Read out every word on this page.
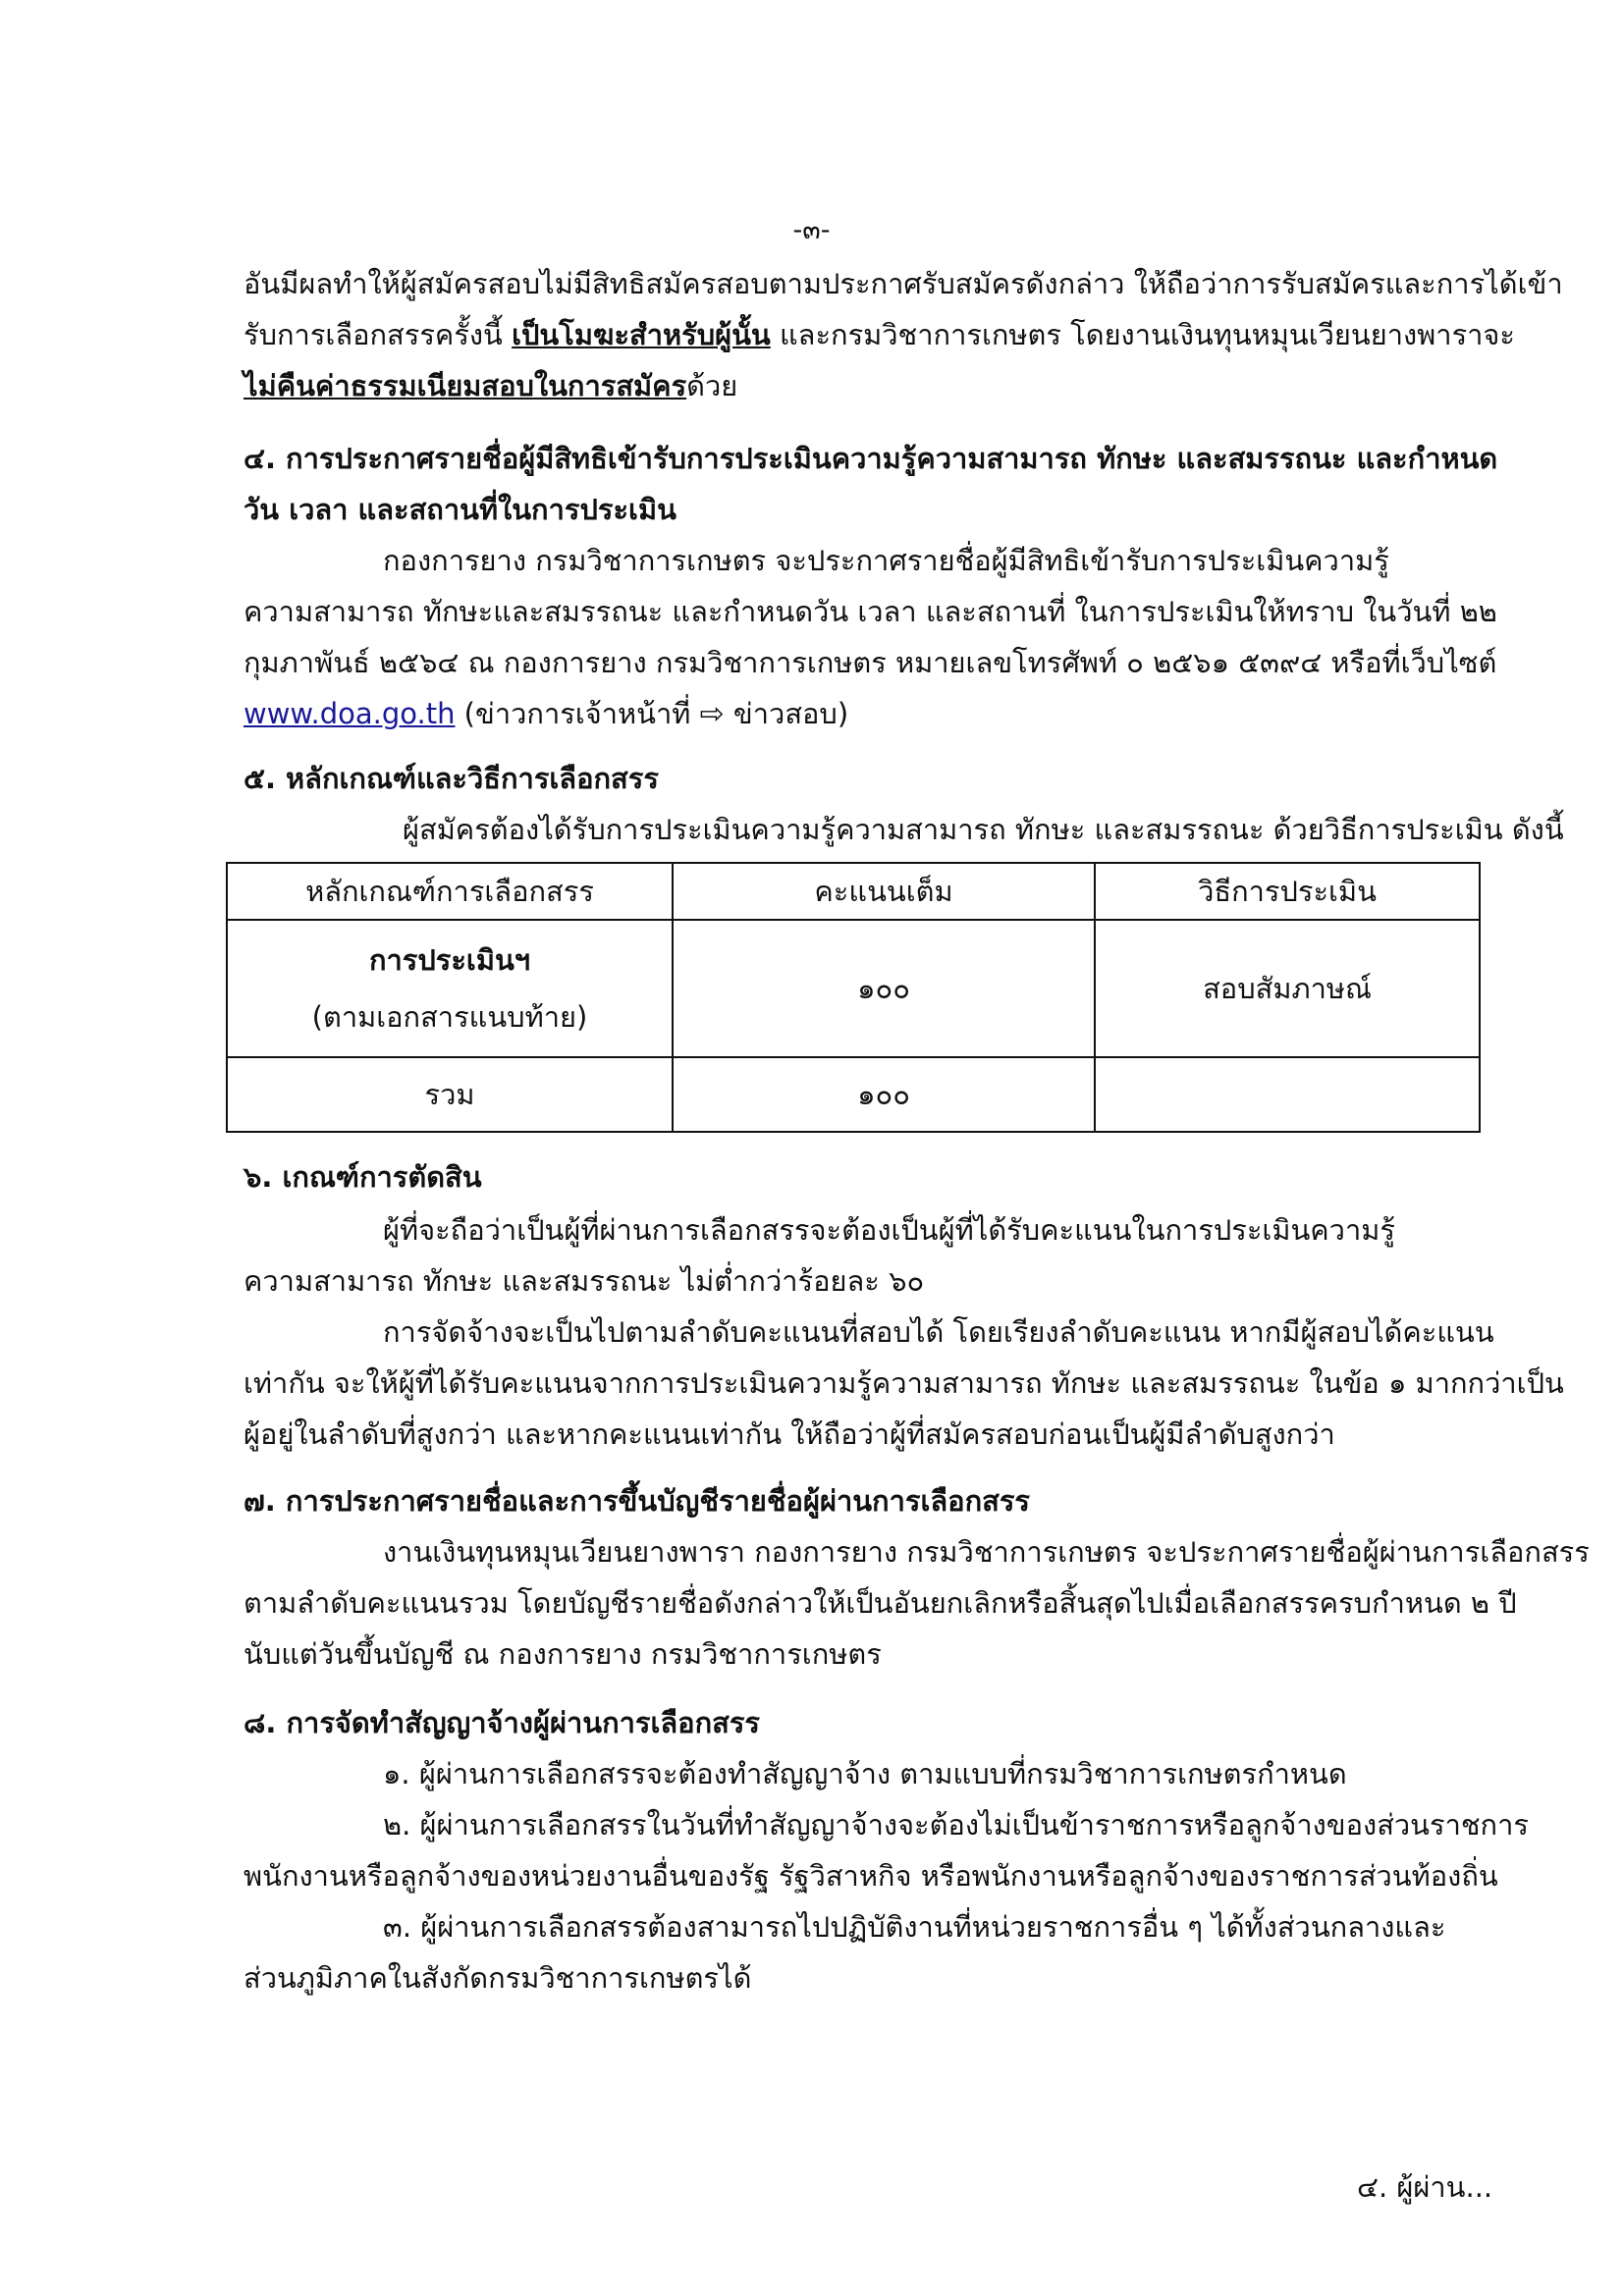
-๓-
อันมีผลทำให้ผู้สมัครสอบไม่มีสิทธิสมัครสอบตามประกาศรับสมัครดังกล่าว ให้ถือว่าการรับสมัครและการได้เข้า
รับการเลือกสรรครั้งนี้ เป็นโมฆะสำหรับผู้นั้น และกรมวิชาการเกษตร โดยงานเงินทุนหมุนเวียนยางพาราจะ
ไม่คืนค่าธรรมเนียมสอบในการสมัครด้วย
๔. การประกาศรายชื่อผู้มีสิทธิเข้ารับการประเมินความรู้ความสามารถ ทักษะ และสมรรถนะ และกำหนด
วัน เวลา และสถานที่ในการประเมิน
กองการยาง กรมวิชาการเกษตร จะประกาศรายชื่อผู้มีสิทธิเข้ารับการประเมินความรู้
ความสามารถ ทักษะและสมรรถนะ และกำหนดวัน เวลา และสถานที่ ในการประเมินให้ทราบ ในวันที่ ๒๒
กุมภาพันธ์ ๒๕๖๔ ณ กองการยาง กรมวิชาการเกษตร หมายเลขโทรศัพท์ ๐ ๒๕๖๑ ๕๓๙๔ หรือที่เว็บไซต์
www.doa.go.th (ข่าวการเจ้าหน้าที่ ⇨ ข่าวสอบ)
๕. หลักเกณฑ์และวิธีการเลือกสรร
ผู้สมัครต้องได้รับการประเมินความรู้ความสามารถ ทักษะ และสมรรถนะ ด้วยวิธีการประเมิน ดังนี้
หลักเกณฑ์การเลือกสรร	คะแนนเต็ม	วิธีการประเมิน

การประเมินฯ
(ตามเอกสารแนบท้าย)	๑๐๐	สอบสัมภาษณ์
รวม	๑๐๐	
๖. เกณฑ์การตัดสิน
ผู้ที่จะถือว่าเป็นผู้ที่ผ่านการเลือกสรรจะต้องเป็นผู้ที่ได้รับคะแนนในการประเมินความรู้
ความสามารถ ทักษะ และสมรรถนะ ไม่ต่ำกว่าร้อยละ ๖๐
การจัดจ้างจะเป็นไปตามลำดับคะแนนที่สอบได้ โดยเรียงลำดับคะแนน หากมีผู้สอบได้คะแนน
เท่ากัน จะให้ผู้ที่ได้รับคะแนนจากการประเมินความรู้ความสามารถ ทักษะ และสมรรถนะ ในข้อ ๑ มากกว่าเป็น
ผู้อยู่ในลำดับที่สูงกว่า และหากคะแนนเท่ากัน ให้ถือว่าผู้ที่สมัครสอบก่อนเป็นผู้มีลำดับสูงกว่า
๗. การประกาศรายชื่อและการขึ้นบัญชีรายชื่อผู้ผ่านการเลือกสรร
งานเงินทุนหมุนเวียนยางพารา กองการยาง กรมวิชาการเกษตร จะประกาศรายชื่อผู้ผ่านการเลือกสรร
ตามลำดับคะแนนรวม โดยบัญชีรายชื่อดังกล่าวให้เป็นอันยกเลิกหรือสิ้นสุดไปเมื่อเลือกสรรครบกำหนด ๒ ปี
นับแต่วันขึ้นบัญชี ณ กองการยาง กรมวิชาการเกษตร
๘. การจัดทำสัญญาจ้างผู้ผ่านการเลือกสรร
๑. ผู้ผ่านการเลือกสรรจะต้องทำสัญญาจ้าง ตามแบบที่กรมวิชาการเกษตรกำหนด
๒. ผู้ผ่านการเลือกสรรในวันที่ทำสัญญาจ้างจะต้องไม่เป็นข้าราชการหรือลูกจ้างของส่วนราชการ
พนักงานหรือลูกจ้างของหน่วยงานอื่นของรัฐ รัฐวิสาหกิจ หรือพนักงานหรือลูกจ้างของราชการส่วนท้องถิ่น
๓. ผู้ผ่านการเลือกสรรต้องสามารถไปปฏิบัติงานที่หน่วยราชการอื่น ๆ ได้ทั้งส่วนกลางและ
ส่วนภูมิภาคในสังกัดกรมวิชาการเกษตรได้
๔. ผู้ผ่าน...
